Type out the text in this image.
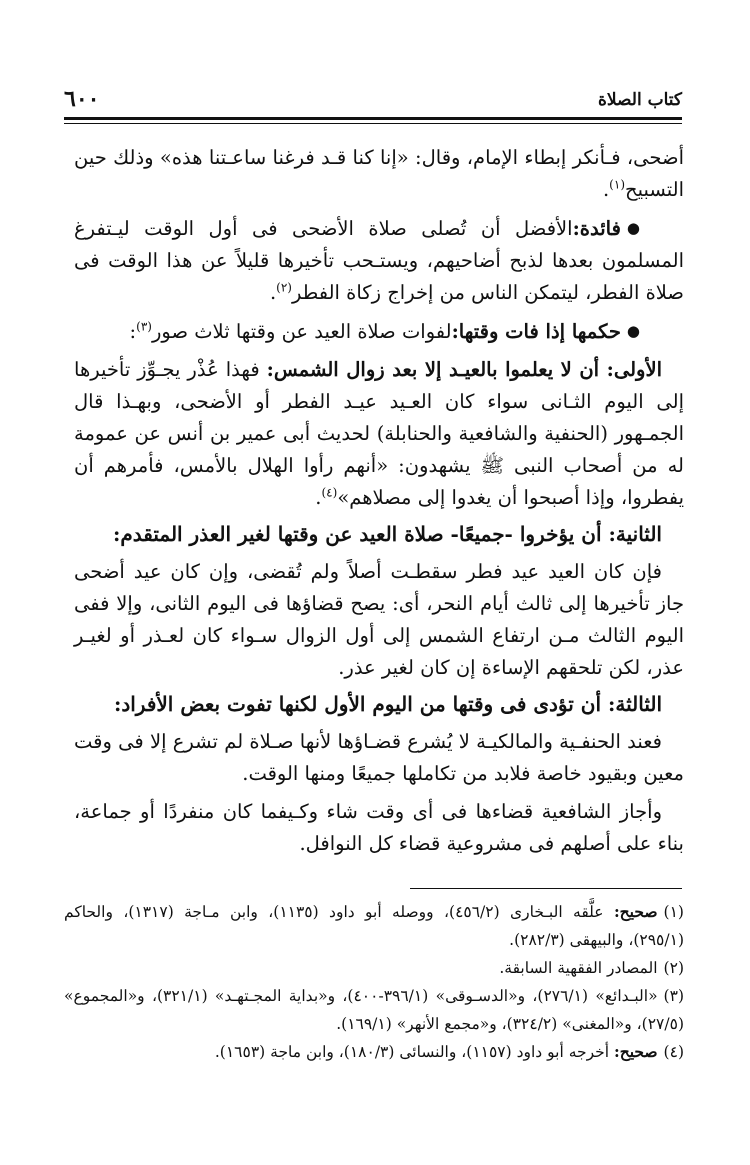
كتاب الصلاة
٦٠٠

أضحى، فـأنكر إبطاء الإمام، وقال: «إنا كنا قـد فرغنا ساعـتنا هذه» وذلك حين التسبيح$^{(١)}$.

●فائدة:الأفضل أن تُصلى صلاة الأضحى فى أول الوقت ليـتفرغ المسلمون بعدها لذبح أضاحيهم، ويستـحب تأخيرها قليلاً عن هذا الوقت فى صلاة الفطر، ليتمكن الناس من إخراج زكاة الفطر$^{(٢)}$.

●حكمها إذا فات وقتها:لفوات صلاة العيد عن وقتها ثلاث صور$^{(٣)}$:

الأولى: أن لا يعلموا بالعيـد إلا بعد زوال الشمس: فهذا عُذْر يجـوِّز تأخيرها إلى اليوم الثـانى سواء كان العـيد عيـد الفطر أو الأضحى، وبهـذا قال الجمـهور (الحنفية والشافعية والحنابلة) لحديث أبى عمير بن أنس عن عمومة له من أصحاب النبى ﷺ يشهدون: «أنهم رأوا الهلال بالأمس، فأمرهم أن يفطروا، وإذا أصبحوا أن يغدوا إلى مصلاهم»$^{(٤)}$.

الثانية: أن يؤخروا -جميعًا- صلاة العيد عن وقتها لغير العذر المتقدم:

فإن كان العيد عيد فطر سقطـت أصلاً ولم تُقضى، وإن كان عيد أضحى جاز تأخيرها إلى ثالث أيام النحر، أى: يصح قضاؤها فى اليوم الثانى، وإلا ففى اليوم الثالث مـن ارتفاع الشمس إلى أول الزوال سـواء كان لعـذر أو لغيـر عذر، لكن تلحقهم الإساءة إن كان لغير عذر.

الثالثة: أن تؤدى فى وقتها من اليوم الأول لكنها تفوت بعض الأفراد:

فعند الحنفـية والمالكيـة لا يُشرع قضـاؤها لأنها صـلاة لم تشرع إلا فى وقت معين وبقيود خاصة فلابد من تكاملها جميعًا ومنها الوقت.

وأجاز الشافعية قضاءها فى أى وقت شاء وكـيفما كان منفردًا أو جماعة، بناء على أصلهم فى مشروعية قضاء كل النوافل.

(١)صحيح: علَّقه البـخارى (٤٥٦/٢)، ووصله أبو داود (١١٣٥)، وابن مـاجة (١٣١٧)، والحاكم (٢٩٥/١)، والبيهقى (٢٨٢/٣).

(٢)المصادر الفقهية السابقة.

(٣)«البـدائع» (٢٧٦/١)، و«الدسـوقى» (٣٩٦/١-٤٠٠)، و«بداية المجـتهـد» (٣٢١/١)، و«المجموع» (٢٧/٥)، و«المغنى» (٣٢٤/٢)، و«مجمع الأنهر» (١٦٩/١).

(٤)صحيح: أخرجه أبو داود (١١٥٧)، والنسائى (١٨٠/٣)، وابن ماجة (١٦٥٣).
